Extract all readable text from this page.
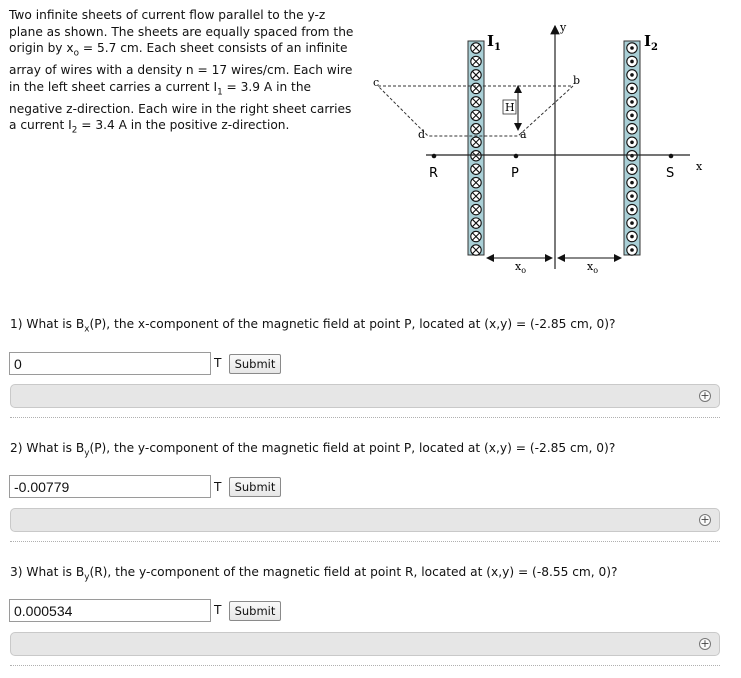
Two infinite sheets of current flow parallel to the y-z plane as shown. The sheets are equally spaced from the origin by $x_o = 5.7$ cm. Each sheet consists of an infinite array of wires with a density n = 17 wires/cm. Each wire in the left sheet carries a current $I_1 = 3.9$ A in the negative z-direction. Each wire in the right sheet carries a current $I_2 = 3.4$ A in the positive z-direction.
y
x
c	b
d	a
H
R	P	S
$I_1$	$I_2$
$x_o$	$x_o$
1) What is $B_x(P)$, the x-component of the magnetic field at point P, located at (x,y) = (-2.85 cm, 0)?
0
T	Submit
+
2) What is $B_y(P)$, the y-component of the magnetic field at point P, located at (x,y) = (-2.85 cm, 0)?
-0.00779
T	Submit
+
3) What is $B_y(R)$, the y-component of the magnetic field at point R, located at (x,y) = (-8.55 cm, 0)?
0.000534
T	Submit
+
